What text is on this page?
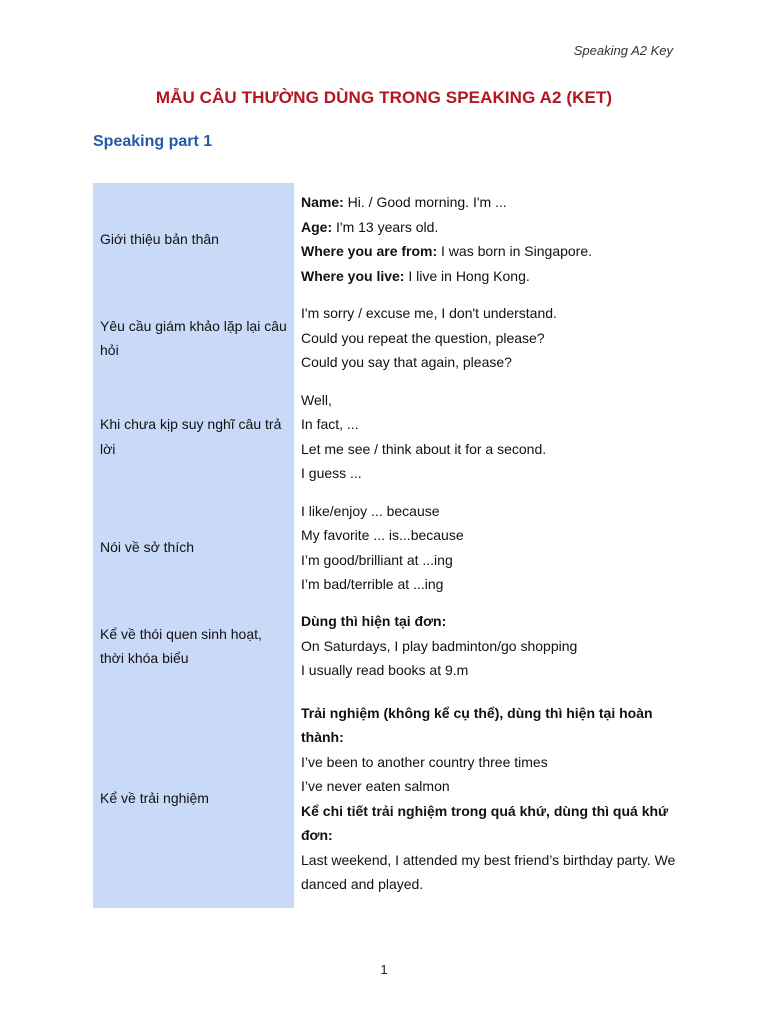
Speaking A2 Key
MẪU CÂU THƯỜNG DÙNG TRONG SPEAKING A2 (KET)
Speaking part 1
Giới thiệu bản thân	Name: Hi. / Good morning. I'm ...
Age: I'm 13 years old.
Where you are from: I was born in Singapore.
Where you live: I live in Hong Kong.

Yêu cầu giám khảo lặp lại câu hỏi	I'm sorry / excuse me, I don't understand.
Could you repeat the question, please?
Could you say that again, please?

Khi chưa kịp suy nghĩ câu trả lời	Well,
In fact, ...
Let me see / think about it for a second.
I guess ...

Nói về sở thích	I like/enjoy ... because
My favorite ... is...because
I’m good/brilliant at ...ing
I’m bad/terrible at ...ing

Kể về thói quen sinh hoạt, thời khóa biểu	Dùng thì hiện tại đơn:
On Saturdays, I play badminton/go shopping
I usually read books at 9.m

Kể về trải nghiệm	Trải nghiệm (không kể cụ thể), dùng thì hiện tại hoàn thành:
I’ve been to another country three times
I’ve never eaten salmon
Kể chi tiết trải nghiệm trong quá khứ, dùng thì quá khứ đơn:
Last weekend, I attended my best friend’s birthday party. We danced and played.
1
